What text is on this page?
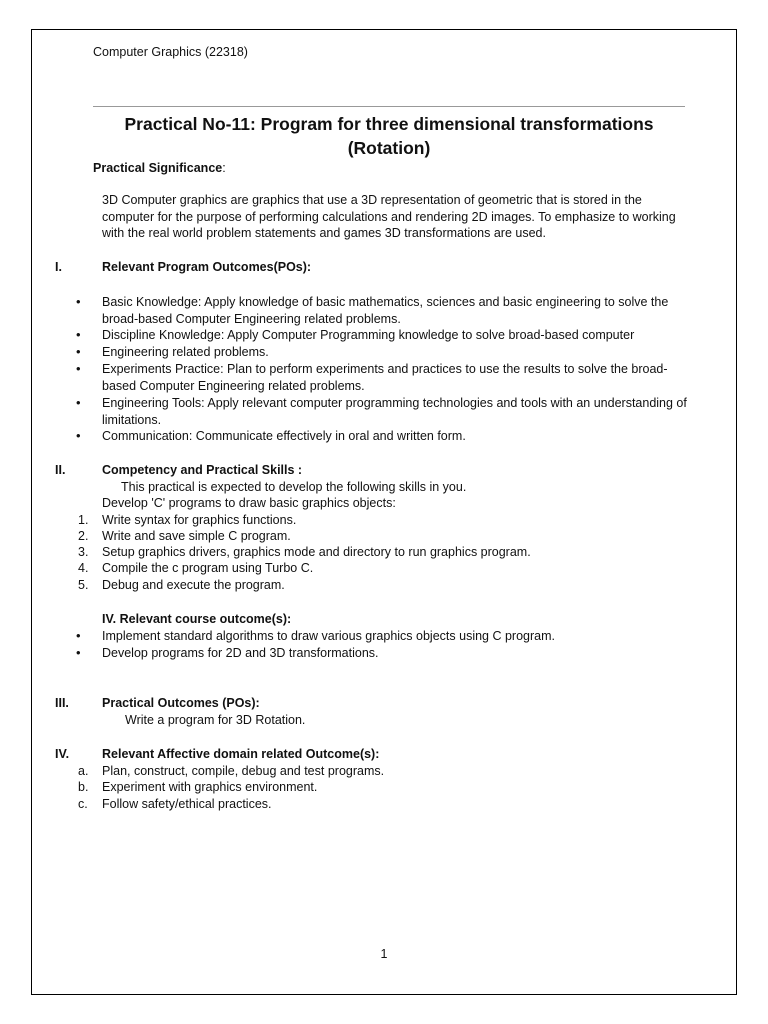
Computer Graphics (22318)
Practical No-11: Program for three dimensional transformations
(Rotation)
Practical Significance:
3D Computer graphics are graphics that use a 3D representation of geometric that is stored in the computer for the purpose of performing calculations and rendering 2D images. To emphasize to working with the real world problem statements and games 3D transformations are used.
I.	Relevant Program Outcomes(POs):
• Basic Knowledge: Apply knowledge of basic mathematics, sciences and basic engineering to solve the broad-based Computer Engineering related problems.
• Discipline Knowledge: Apply Computer Programming knowledge to solve broad-based computer
• Engineering related problems.
• Experiments Practice: Plan to perform experiments and practices to use the results to solve the broad-based Computer Engineering related problems.
• Engineering Tools: Apply relevant computer programming technologies and tools with an understanding of limitations.
• Communication: Communicate effectively in oral and written form.
II.	Competency and Practical Skills :
This practical is expected to develop the following skills in you.
Develop 'C' programs to draw basic graphics objects:
1. Write syntax for graphics functions.
2. Write and save simple C program.
3. Setup graphics drivers, graphics mode and directory to run graphics program.
4. Compile the c program using Turbo C.
5. Debug and execute the program.
IV. Relevant course outcome(s):
• Implement standard algorithms to draw various graphics objects using C program.
• Develop programs for 2D and 3D transformations.
III.	Practical Outcomes (POs):
Write a program for 3D Rotation.
IV.	Relevant Affective domain related Outcome(s):
a. Plan, construct, compile, debug and test programs.
b. Experiment with graphics environment.
c. Follow safety/ethical practices.
1
